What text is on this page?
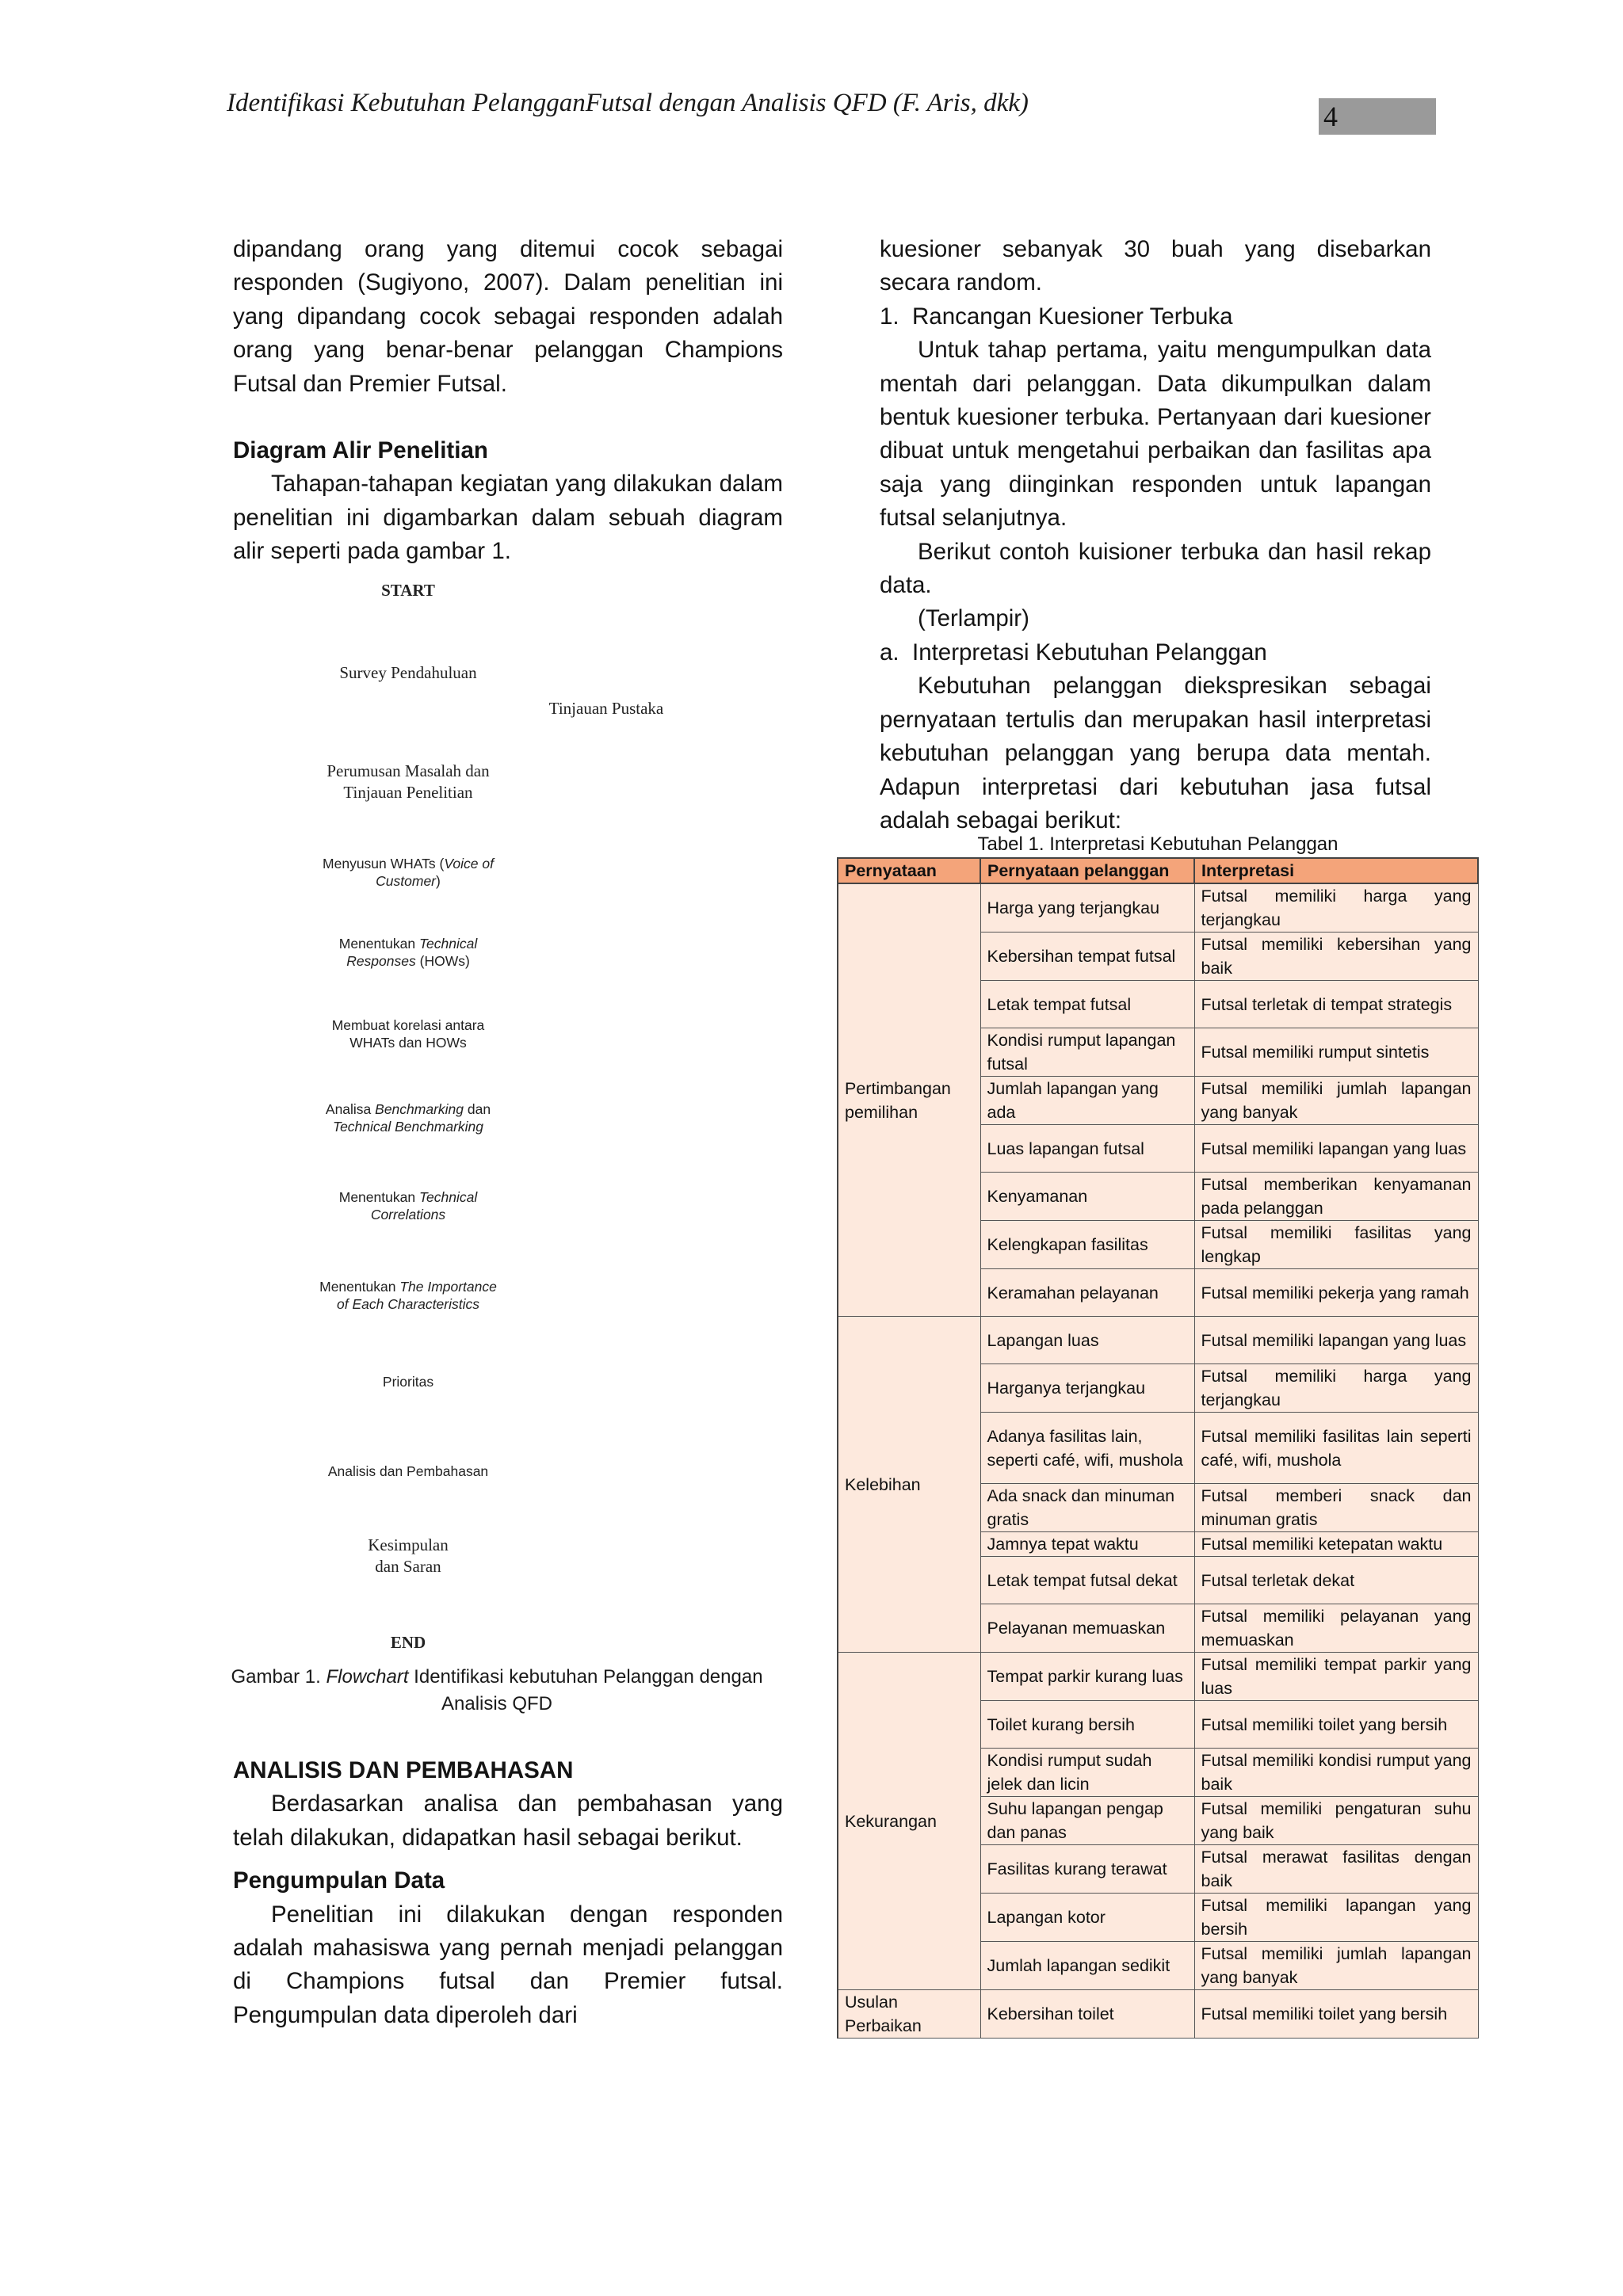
Identifikasi Kebutuhan PelangganFutsal dengan Analisis QFD (F. Aris, dkk)	4

dipandang orang yang ditemui cocok sebagai responden (Sugiyono, 2007). Dalam penelitian ini yang dipandang cocok sebagai responden adalah orang yang benar-benar pelanggan Champions Futsal dan Premier Futsal.

Diagram Alir Penelitian

Tahapan-tahapan kegiatan yang dilakukan dalam penelitian ini digambarkan dalam sebuah diagram alir seperti pada gambar 1.

START
Survey Pendahuluan
Tinjauan Pustaka
Perumusan Masalah dan
Tinjauan Penelitian
Menyusun WHATs (Voice of
Customer)
Menentukan Technical
Responses (HOWs)
Membuat korelasi antara
WHATs dan HOWs
Analisa Benchmarking dan
Technical Benchmarking
Menentukan Technical
Correlations
Menentukan The Importance
of Each Characteristics
Prioritas
Analisis dan Pembahasan
Kesimpulan
dan Saran
END
Gambar 1. Flowchart Identifikasi kebutuhan Pelanggan dengan
Analisis QFD

ANALISIS DAN PEMBAHASAN

Berdasarkan analisa dan pembahasan yang telah dilakukan, didapatkan hasil sebagai berikut.

Pengumpulan Data

Penelitian ini dilakukan dengan responden adalah mahasiswa yang pernah menjadi pelanggan di Champions futsal dan Premier futsal. Pengumpulan data diperoleh dari

kuesioner sebanyak 30 buah yang disebarkan secara random.

1.  Rancangan Kuesioner Terbuka

Untuk tahap pertama, yaitu mengumpulkan data mentah dari pelanggan. Data dikumpulkan dalam bentuk kuesioner terbuka. Pertanyaan dari kuesioner dibuat untuk mengetahui perbaikan dan fasilitas apa saja yang diinginkan responden untuk lapangan futsal selanjutnya.

Berikut contoh kuisioner terbuka dan hasil rekap data.

(Terlampir)

a.  Interpretasi Kebutuhan Pelanggan

Kebutuhan pelanggan diekspresikan sebagai pernyataan tertulis dan merupakan hasil interpretasi kebutuhan pelanggan yang berupa data mentah. Adapun interpretasi dari kebutuhan jasa futsal adalah sebagai berikut:

Tabel 1. Interpretasi Kebutuhan Pelanggan
Pernyataan	Pernyataan pelanggan	Interpretasi
Pertimbangan pemilihan	Harga yang terjangkau	Futsal memiliki harga yang terjangkau
	Kebersihan tempat futsal	Futsal memiliki kebersihan yang baik
	Letak tempat futsal	Futsal terletak di tempat strategis
	Kondisi rumput lapangan futsal	Futsal memiliki rumput sintetis
	Jumlah lapangan yang ada	Futsal memiliki jumlah lapangan yang banyak
	Luas lapangan futsal	Futsal memiliki lapangan yang luas
	Kenyamanan	Futsal memberikan kenyamanan pada pelanggan
	Kelengkapan fasilitas	Futsal memiliki fasilitas yang lengkap
	Keramahan pelayanan	Futsal memiliki pekerja yang ramah
Kelebihan	Lapangan luas	Futsal memiliki lapangan yang luas
	Harganya terjangkau	Futsal memiliki harga yang terjangkau
	Adanya fasilitas lain, seperti café, wifi, mushola	Futsal memiliki fasilitas lain seperti café, wifi, mushola
	Ada snack dan minuman gratis	Futsal memberi snack dan minuman gratis
	Jamnya tepat waktu	Futsal memiliki ketepatan waktu
	Letak tempat futsal dekat	Futsal terletak dekat
	Pelayanan memuaskan	Futsal memiliki pelayanan yang memuaskan
Kekurangan	Tempat parkir kurang luas	Futsal memiliki tempat parkir yang luas
	Toilet kurang bersih	Futsal memiliki toilet yang bersih
	Kondisi rumput sudah jelek dan licin	Futsal memiliki kondisi rumput yang baik
	Suhu lapangan pengap dan panas	Futsal memiliki pengaturan suhu yang baik
	Fasilitas kurang terawat	Futsal merawat fasilitas dengan baik
	Lapangan kotor	Futsal memiliki lapangan yang bersih
	Jumlah lapangan sedikit	Futsal memiliki jumlah lapangan yang banyak
Usulan Perbaikan	Kebersihan toilet	Futsal memiliki toilet yang bersih
